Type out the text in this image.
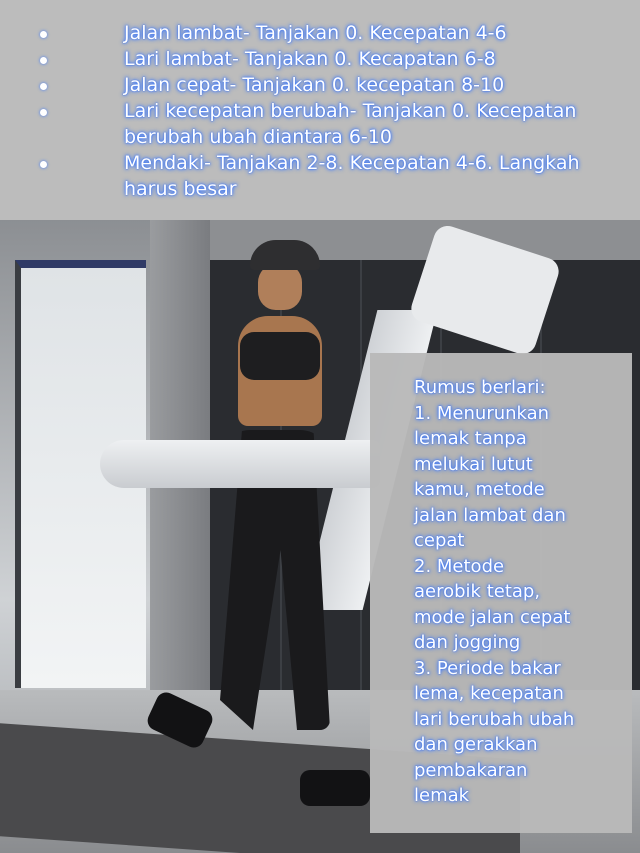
Jalan lambat- Tanjakan 0. Kecepatan 4-6
Lari lambat- Tanjakan 0. Kecapatan 6-8
Jalan cepat- Tanjakan 0. kecepatan 8-10
Lari kecepatan berubah- Tanjakan 0. Kecepatan berubah ubah diantara 6-10
Mendaki- Tanjakan 2-8. Kecepatan 4-6. Langkah harus besar
Rumus berlari:
1. Menurunkan
lemak tanpa
melukai lutut
kamu, metode
jalan lambat dan
cepat
2. Metode
aerobik tetap,
mode jalan cepat
dan jogging
3. Periode bakar
lema, kecepatan
lari berubah ubah
dan gerakkan
pembakaran
lemak
